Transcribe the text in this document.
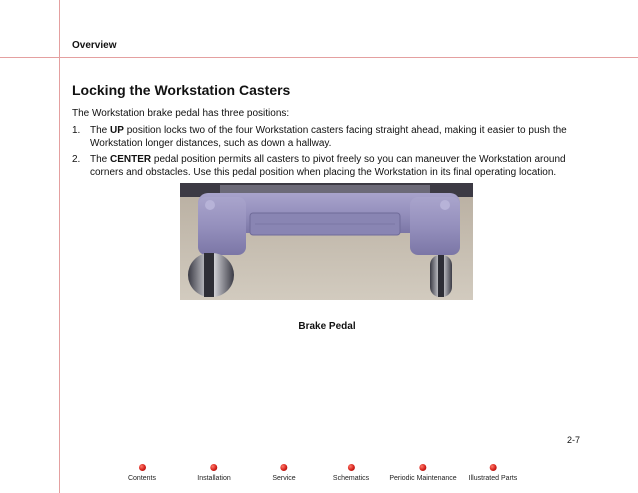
Overview
Locking the Workstation Casters
The Workstation brake pedal has three positions:
1. The UP position locks two of the four Workstation casters facing straight ahead, making it easier to push the Workstation longer distances, such as down a hallway.
2. The CENTER pedal position permits all casters to pivot freely so you can maneuver the Workstation around corners and obstacles. Use this pedal position when placing the Workstation in its final operating location.
Brake Pedal
2-7
Contents	Installation	Service	Schematics	Periodic Maintenance Illustrated Parts
